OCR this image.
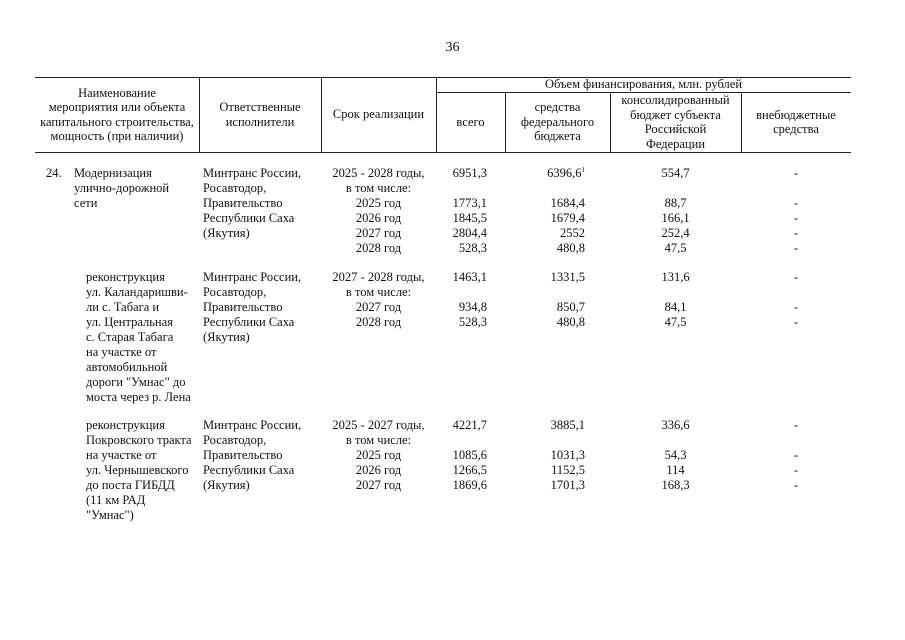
36
Наименование
мероприятия или объекта
капитального строительства,
мощность (при наличии)
Ответственные
исполнители
Срок реализации
Объем финансирования, млн. рублей
всего
средства
федерального
бюджета
консолидированный
бюджет субъекта
Российской
Федерации
внебюджетные
средства
24. Модернизация
улично-дорожной
сети
Минтранс России,
Росавтодор,
Правительство
Республики Саха
(Якутия)
2025 - 2028 годы,
в том числе:
2025 год
2026 год
2027 год
2028 год
6951,3
1773,1
1845,5
2804,4
528,3
6396,6$^1$
1684,4
1679,4
2552
480,8
554,7
88,7
166,1
252,4
47,5
-
-
-
-
-
реконструкция
ул. Каландаришви-
ли с. Табага и
ул. Центральная
с. Старая Табага
на участке от
автомобильной
дороги "Умнас" до
моста через р. Лена
Минтранс России,
Росавтодор,
Правительство
Республики Саха
(Якутия)
2027 - 2028 годы,
в том числе:
2027 год
2028 год
1463,1
934,8
528,3
1331,5
850,7
480,8
131,6
84,1
47,5
-
-
-
реконструкция
Покровского тракта
на участке от
ул. Чернышевского
до поста ГИБДД
(11 км РАД
"Умнас")
Минтранс России,
Росавтодор,
Правительство
Республики Саха
(Якутия)
2025 - 2027 годы,
в том числе:
2025 год
2026 год
2027 год
4221,7
1085,6
1266,5
1869,6
3885,1
1031,3
1152,5
1701,3
336,6
54,3
114
168,3
-
-
-
-
